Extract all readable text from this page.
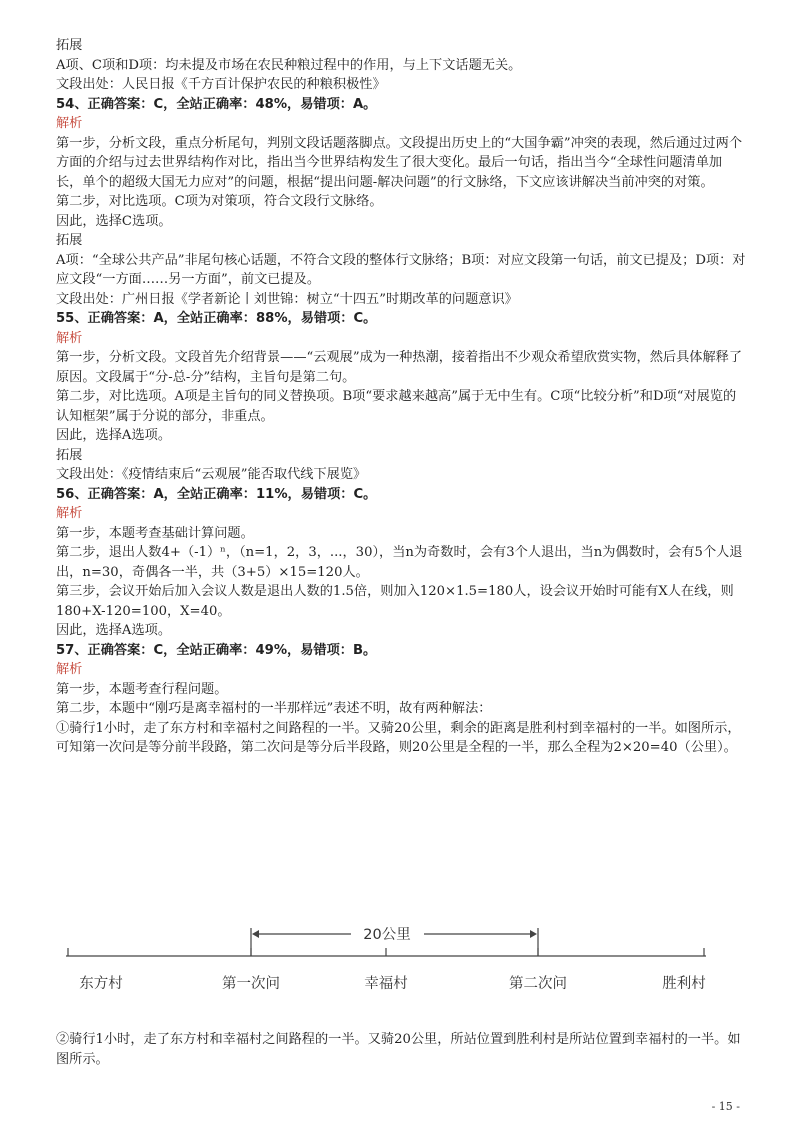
拓展

A项、C项和D项：均未提及市场在农民种粮过程中的作用，与上下文话题无关。

文段出处：人民日报《千方百计保护农民的种粮积极性》

54、正确答案：C，全站正确率：48%，易错项：A。

解析

第一步，分析文段，重点分析尾句，判别文段话题落脚点。文段提出历史上的“大国争霸”冲突的表现，然后通过过两个方面的介绍与过去世界结构作对比，指出当今世界结构发生了很大变化。最后一句话，指出当今“全球性问题清单加长，单个的超级大国无力应对”的问题，根据“提出问题-解决问题”的行文脉络，下文应该讲解决当前冲突的对策。

第二步，对比选项。C项为对策项，符合文段行文脉络。

因此，选择C选项。

拓展

A项：“全球公共产品”非尾句核心话题，不符合文段的整体行文脉络；B项：对应文段第一句话，前文已提及；D项：对应文段“一方面……另一方面”，前文已提及。

文段出处：广州日报《学者新论丨刘世锦：树立“十四五”时期改革的问题意识》

55、正确答案：A，全站正确率：88%，易错项：C。

解析

第一步，分析文段。文段首先介绍背景——“云观展”成为一种热潮，接着指出不少观众希望欣赏实物，然后具体解释了原因。文段属于“分-总-分”结构，主旨句是第二句。

第二步，对比选项。A项是主旨句的同义替换项。B项“要求越来越高”属于无中生有。C项“比较分析”和D项“对展览的认知框架”属于分说的部分，非重点。

因此，选择A选项。

拓展

文段出处：《疫情结束后“云观展”能否取代线下展览》

56、正确答案：A，全站正确率：11%，易错项：C。

解析

第一步，本题考查基础计算问题。

第二步，退出人数4+（-1）ⁿ，（n=1，2，3，...，30），当n为奇数时，会有3个人退出，当n为偶数时，会有5个人退出，n=30，奇偶各一半，共（3+5）×15=120人。

第三步，会议开始后加入会议人数是退出人数的1.5倍，则加入120×1.5=180人，设会议开始时可能有X人在线，则180+X-120=100，X=40。

因此，选择A选项。

57、正确答案：C，全站正确率：49%，易错项：B。

解析

第一步，本题考查行程问题。

第二步，本题中“刚巧是离幸福村的一半那样远”表述不明，故有两种解法：

①骑行1小时，走了东方村和幸福村之间路程的一半。又骑20公里，剩余的距离是胜利村到幸福村的一半。如图所示，可知第一次问是等分前半段路，第二次问是等分后半段路，则20公里是全程的一半，那么全程为2×20=40（公里）。

20公里
东方村	第一次问	幸福村	第二次问	胜利村

②骑行1小时，走了东方村和幸福村之间路程的一半。又骑20公里，所站位置到胜利村是所站位置到幸福村的一半。如图所示。

- 15 -
